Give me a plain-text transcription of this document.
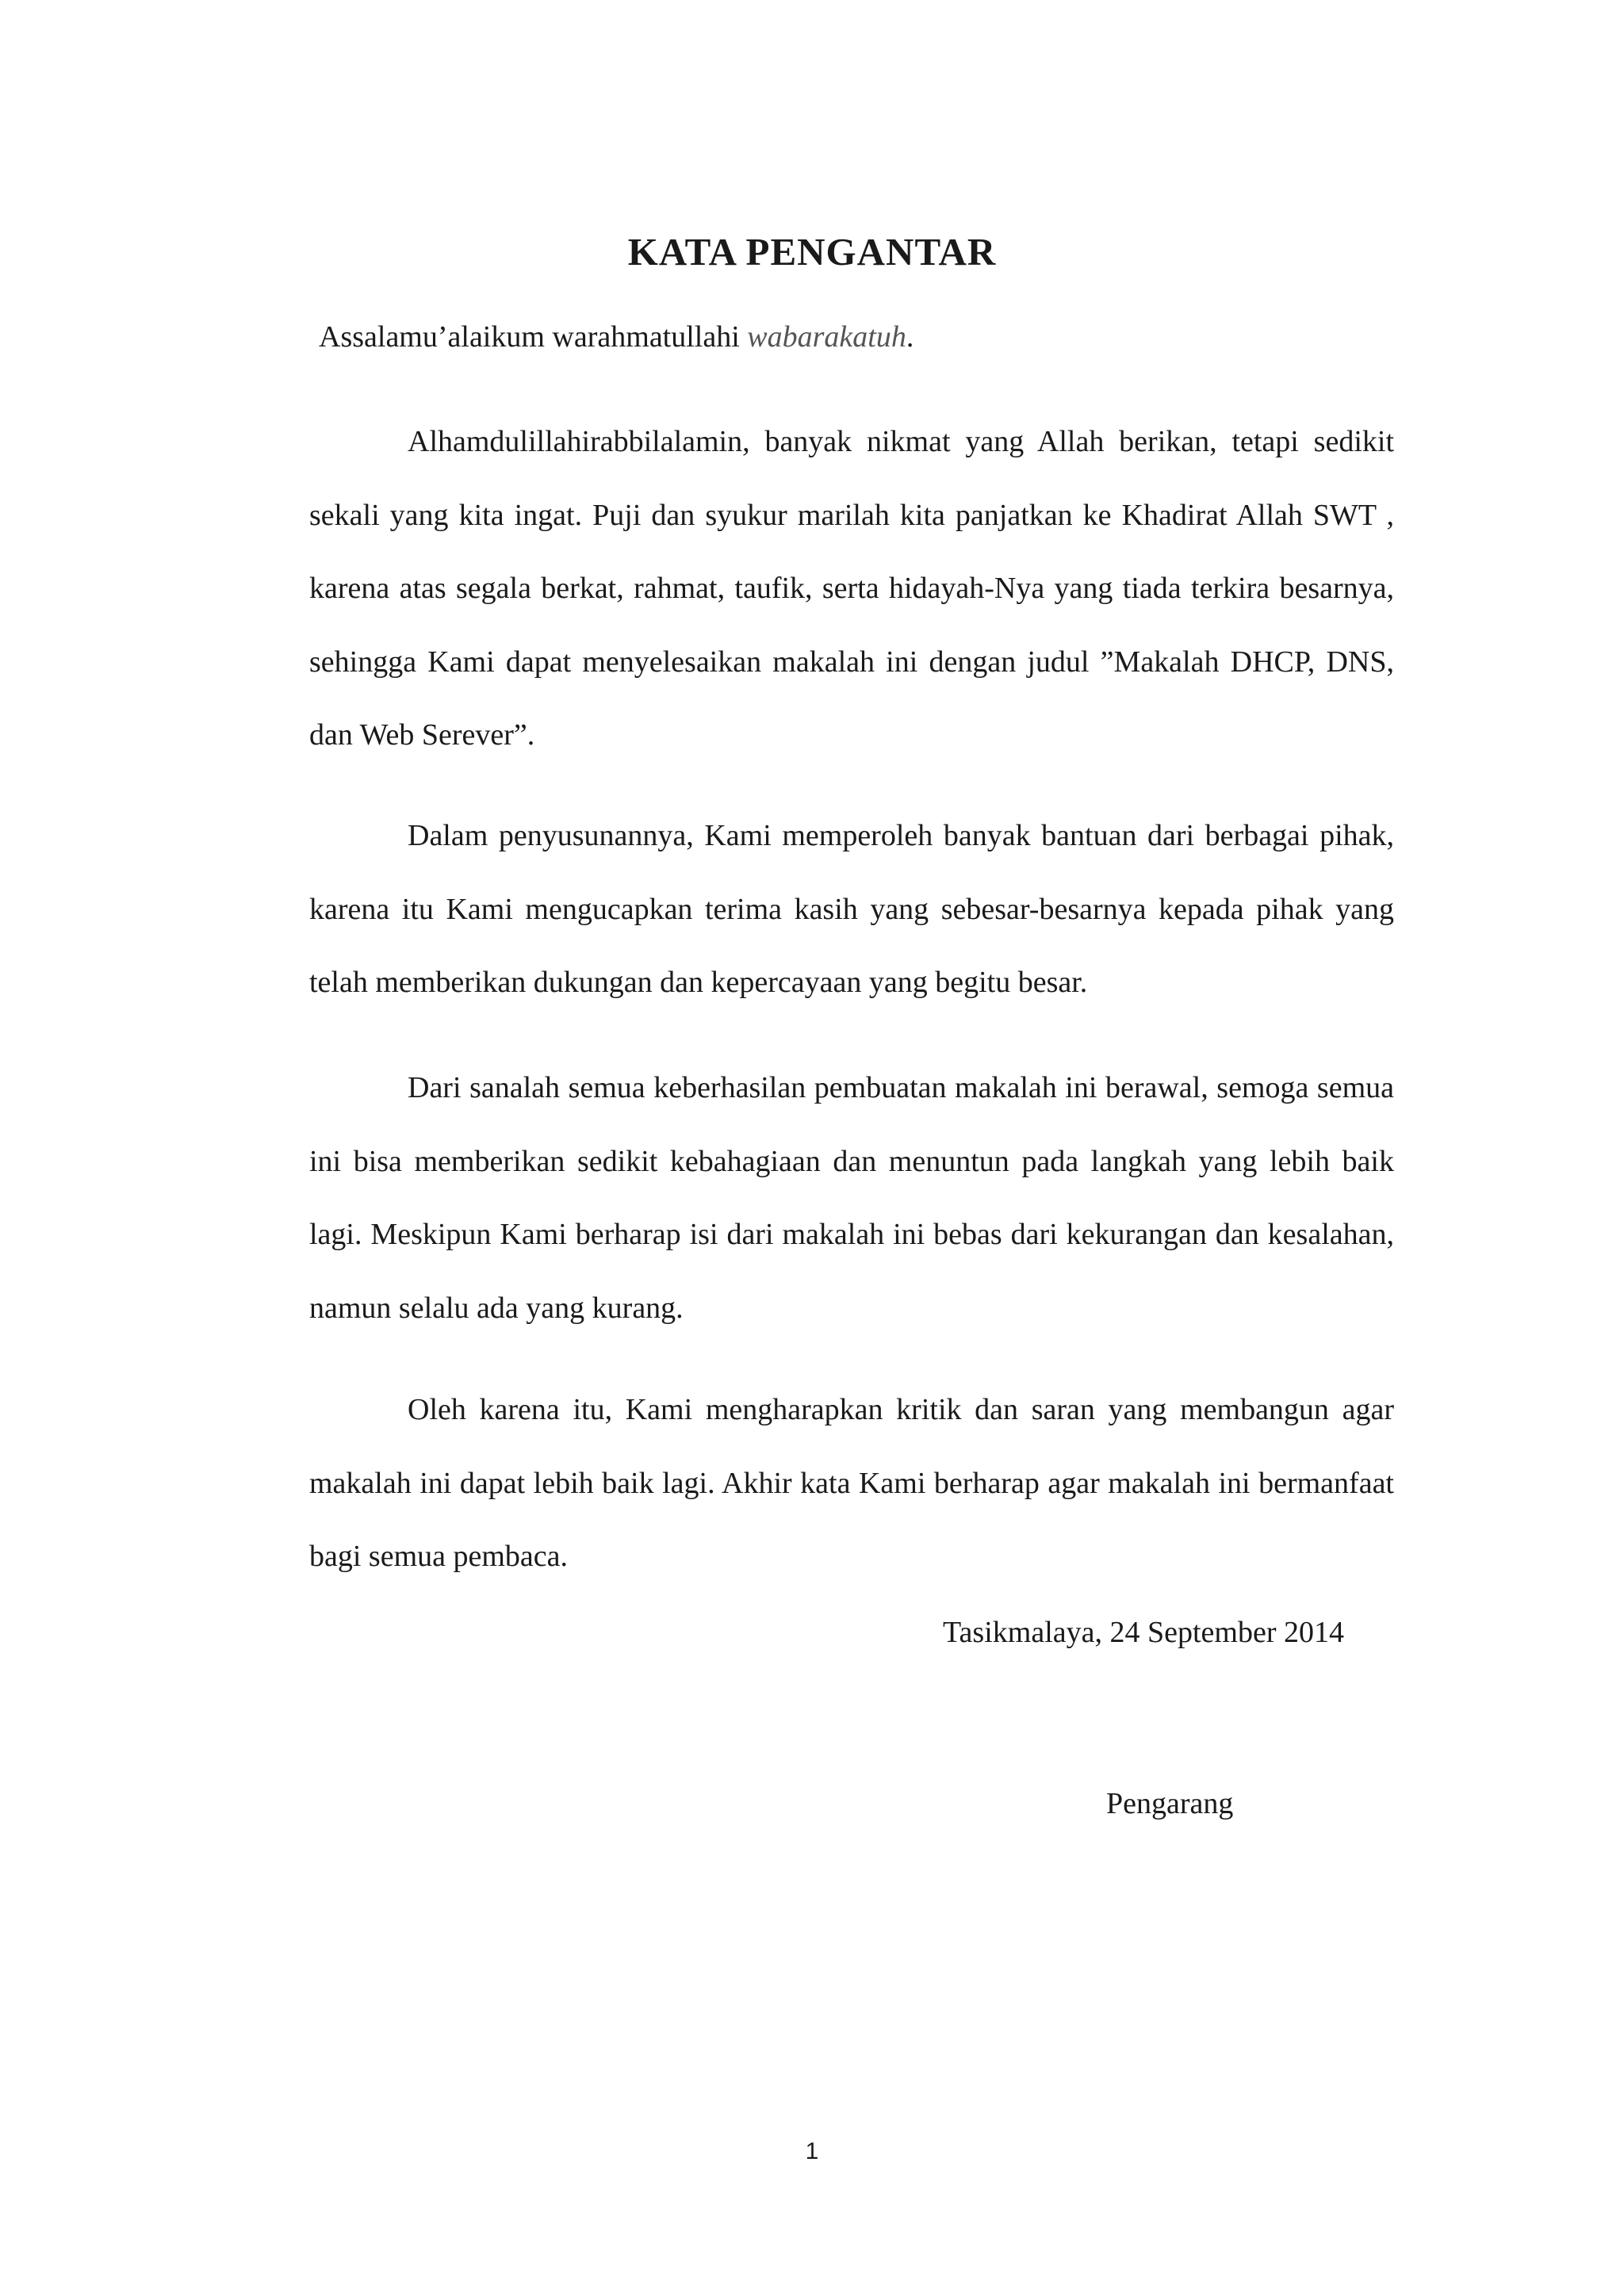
KATA PENGANTAR

Assalamu’alaikum warahmatullahi wabarakatuh.

Alhamdulillahirabbilalamin, banyak nikmat yang Allah berikan, tetapi sedikit sekali yang kita ingat. Puji dan syukur marilah kita panjatkan ke Khadirat Allah SWT , karena atas segala berkat, rahmat, taufik, serta hidayah-Nya yang tiada terkira besarnya, sehingga Kami dapat menyelesaikan makalah ini dengan judul ”Makalah DHCP, DNS, dan Web Serever”.

Dalam penyusunannya, Kami memperoleh banyak bantuan dari berbagai pihak, karena itu Kami mengucapkan terima kasih yang sebesar-besarnya kepada pihak yang telah memberikan dukungan dan kepercayaan yang begitu besar.

Dari sanalah semua keberhasilan pembuatan makalah ini berawal, semoga semua ini bisa memberikan sedikit kebahagiaan dan menuntun pada langkah yang lebih baik lagi. Meskipun Kami berharap isi dari makalah ini bebas dari kekurangan dan kesalahan, namun selalu ada yang kurang.

Oleh karena itu, Kami mengharapkan kritik dan saran yang membangun agar makalah ini dapat lebih baik lagi. Akhir kata Kami berharap agar makalah ini bermanfaat bagi semua pembaca.

Tasikmalaya, 24 September 2014

Pengarang

1
